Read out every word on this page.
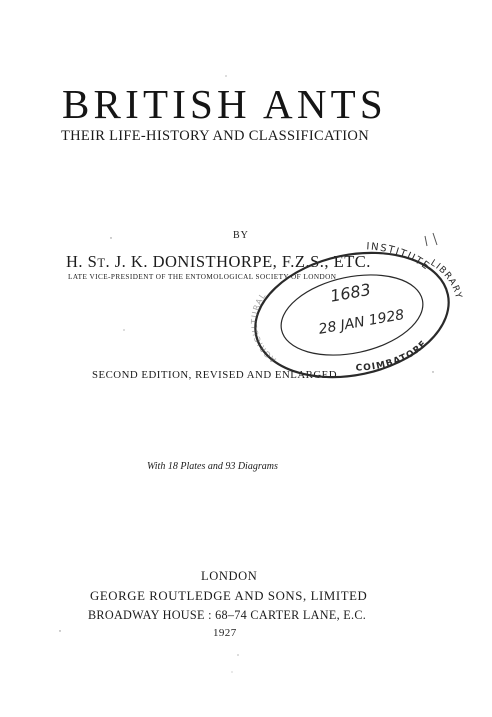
BRITISH ANTS
THEIR LIFE-HISTORY AND CLASSIFICATION
BY
H. ST. J. K. DONISTHORPE, F.Z.S., ETC.
LATE VICE-PRESIDENT OF THE ENTOMOLOGICAL SOCIETY OF LONDON
SECOND EDITION, REVISED AND ENLARGED
With 18 Plates and 93 Diagrams
LONDON
GEORGE ROUTLEDGE AND SONS, LIMITED
BROADWAY HOUSE : 68–74 CARTER LANE, E.C.
1927
INSTITUTE
LIBRARY
COIMBATORE
AGRICULTURAL	1683
28 JAN 1928
